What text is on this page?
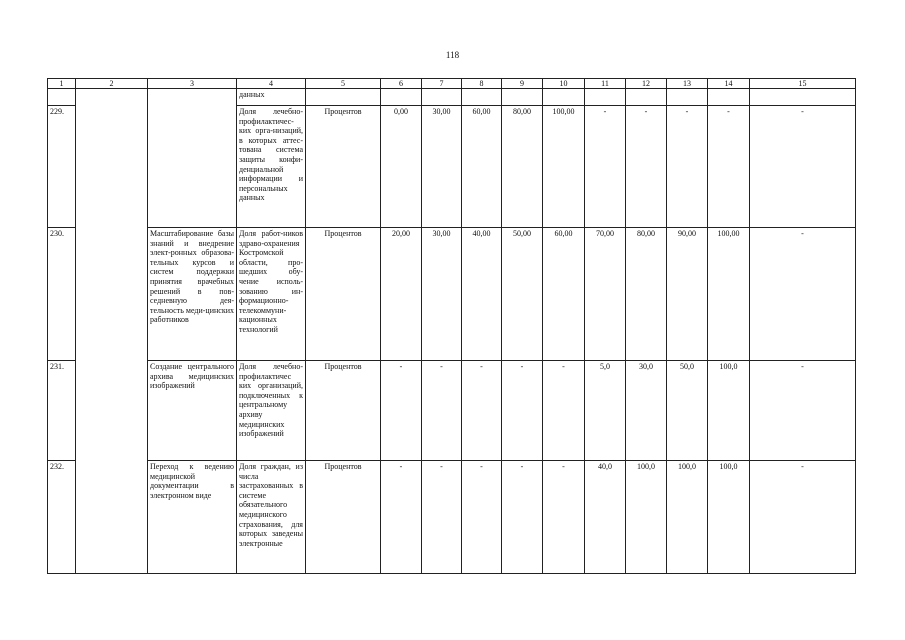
118
1	2	3	4	5	6	7	8	9	10	11	12	13	14	15
			данных											
229.			Доля лечебно-профилактичес-ких орга-низаций, в которых аттес-тована система защиты конфи-денциальной информации и персональных данных	Процентов	0,00	30,00	60,00	80,00	100,00	-	-	-	-	-
230.		Масштабирование базы знаний и внедрение элект-ронных образова-тельных курсов и систем поддержки принятия врачебных решений в пов-седневную дея-тельность меди-цинских работников	Доля работ-ников здраво-охранения Костромской области, про-шедших обу-чение исполь-зованию ин-формационно-телекоммуни-кационных технологий	Процентов	20,00	30,00	40,00	50,00	60,00	70,00	80,00	90,00	100,00	-
231.		Создание центрального архива медицинских изображений	Доля лечебно-профилактичес ких организаций, подключенных к центральному архиву медицинских изображений	Процентов	-	-	-	-	-	5,0	30,0	50,0	100,0	-
232.		Переход к ведению медицинской документации в электронном виде	Доля граждан, из числа застрахованных в системе обязательного медицинского страхования, для которых заведены электронные	Процентов	-	-	-	-	-	40,0	100,0	100,0	100,0	-
